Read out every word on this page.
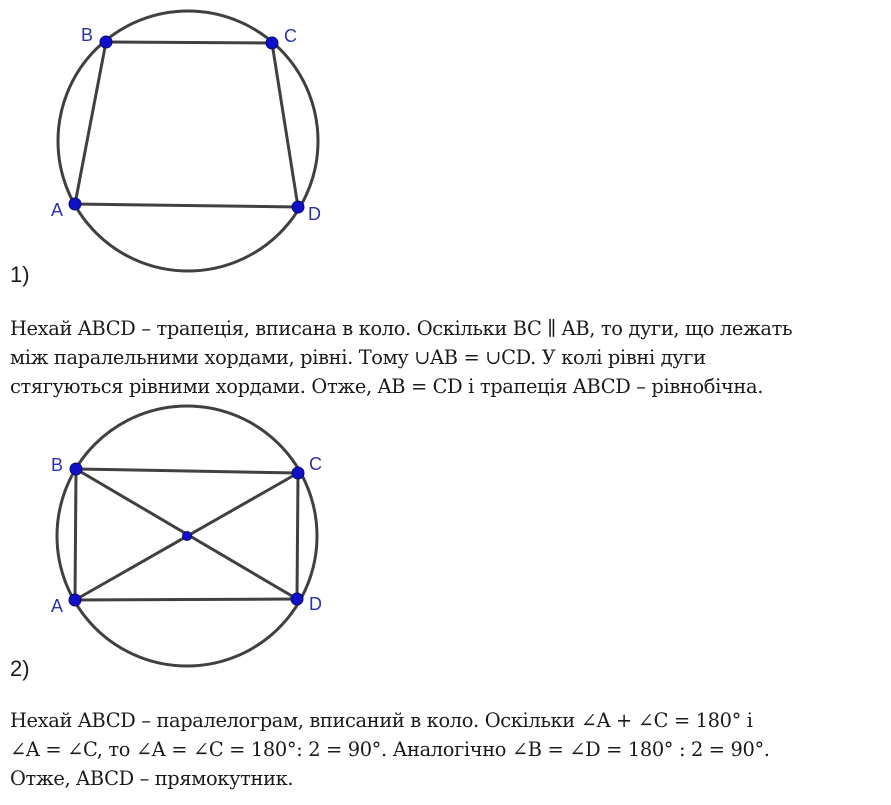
A
B	C
D
1)
Нехай ABCD – трапеція, вписана в коло. Оскільки BC ∥ AB, то дуги, що лежать
між паралельними хордами, рівні. Тому ∪AB = ∪CD. У колі рівні дуги
стягуються рівними хордами. Отже, AB = CD і трапеція ABCD – рівнобічна.
A
B	C
D
2)
Нехай ABCD – паралелограм, вписаний в коло. Оскільки ∠A + ∠C = 180° і
∠A = ∠C, то ∠A = ∠C = 180°: 2 = 90°. Аналогічно ∠B = ∠D = 180° : 2 = 90°.
Отже, ABCD – прямокутник.
